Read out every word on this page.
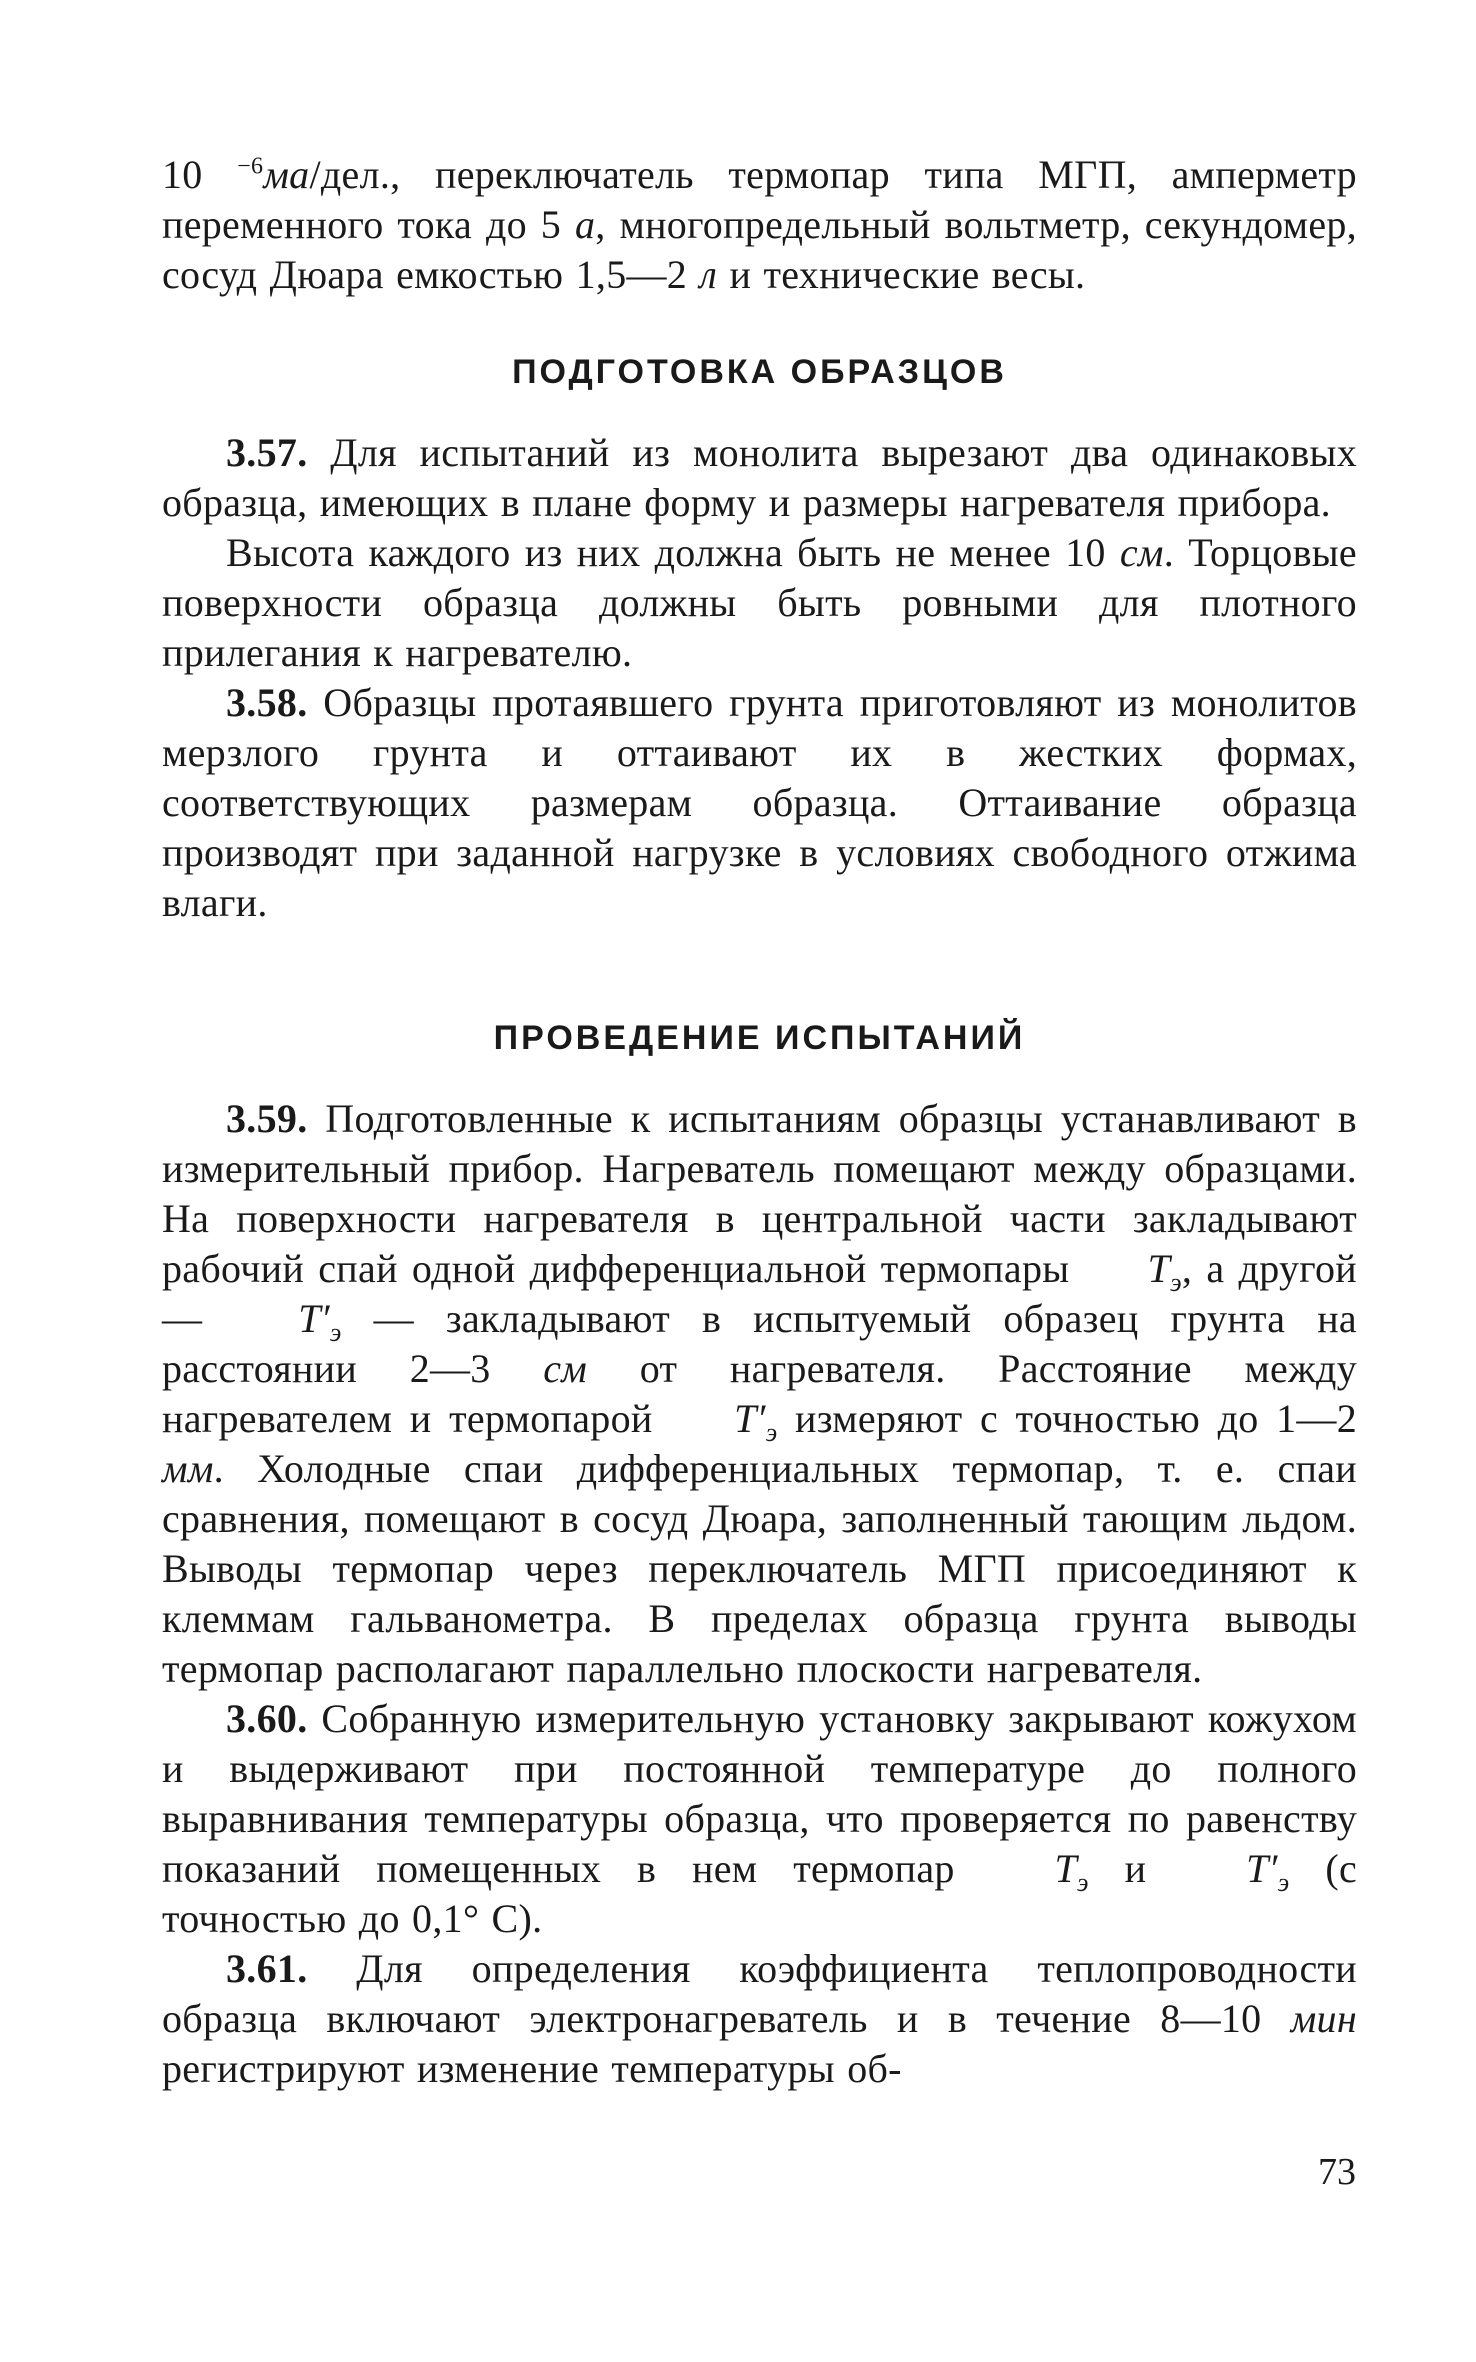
10 $^{-6}$ма/дел., переключатель термопар типа МГП, амперметр переменного тока до 5 а, многопредельный вольтметр, секундомер, сосуд Дюара емкостью 1,5—2 л и технические весы.

ПОДГОТОВКА ОБРАЗЦОВ

3.57. Для испытаний из монолита вырезают два одинаковых образца, имеющих в плане форму и размеры нагревателя прибора.

Высота каждого из них должна быть не менее 10 см. Торцовые поверхности образца должны быть ровными для плотного прилегания к нагревателю.

3.58. Образцы протаявшего грунта приготовляют из монолитов мерзлого грунта и оттаивают их в жестких формах, соответствующих размерам образца. Оттаивание образца производят при заданной нагрузке в условиях свободного отжима влаги.

ПРОВЕДЕНИЕ ИСПЫТАНИЙ

3.59. Подготовленные к испытаниям образцы устанавливают в измерительный прибор. Нагреватель помещают между образцами. На поверхности нагревателя в центральной части закладывают рабочий спай одной дифференциальной термопары $T_э$, а другой — $T'_э$ — закладывают в испытуемый образец грунта на расстоянии 2—3 см от нагревателя. Расстояние между нагревателем и термопарой $T'_э$ измеряют с точностью до 1—2 мм. Холодные спаи дифференциальных термопар, т. е. спаи сравнения, помещают в сосуд Дюара, заполненный тающим льдом. Выводы термопар через переключатель МГП присоединяют к клеммам гальванометра. В пределах образца грунта выводы термопар располагают параллельно плоскости нагревателя.

3.60. Собранную измерительную установку закрывают кожухом и выдерживают при постоянной температуре до полного выравнивания температуры образца, что проверяется по равенству показаний помещенных в нем термопар $T_э$ и $T'_э$ (с точностью до 0,1° C).

3.61. Для определения коэффициента теплопроводности образца включают электронагреватель и в течение 8—10 мин регистрируют изменение температуры об-

73
